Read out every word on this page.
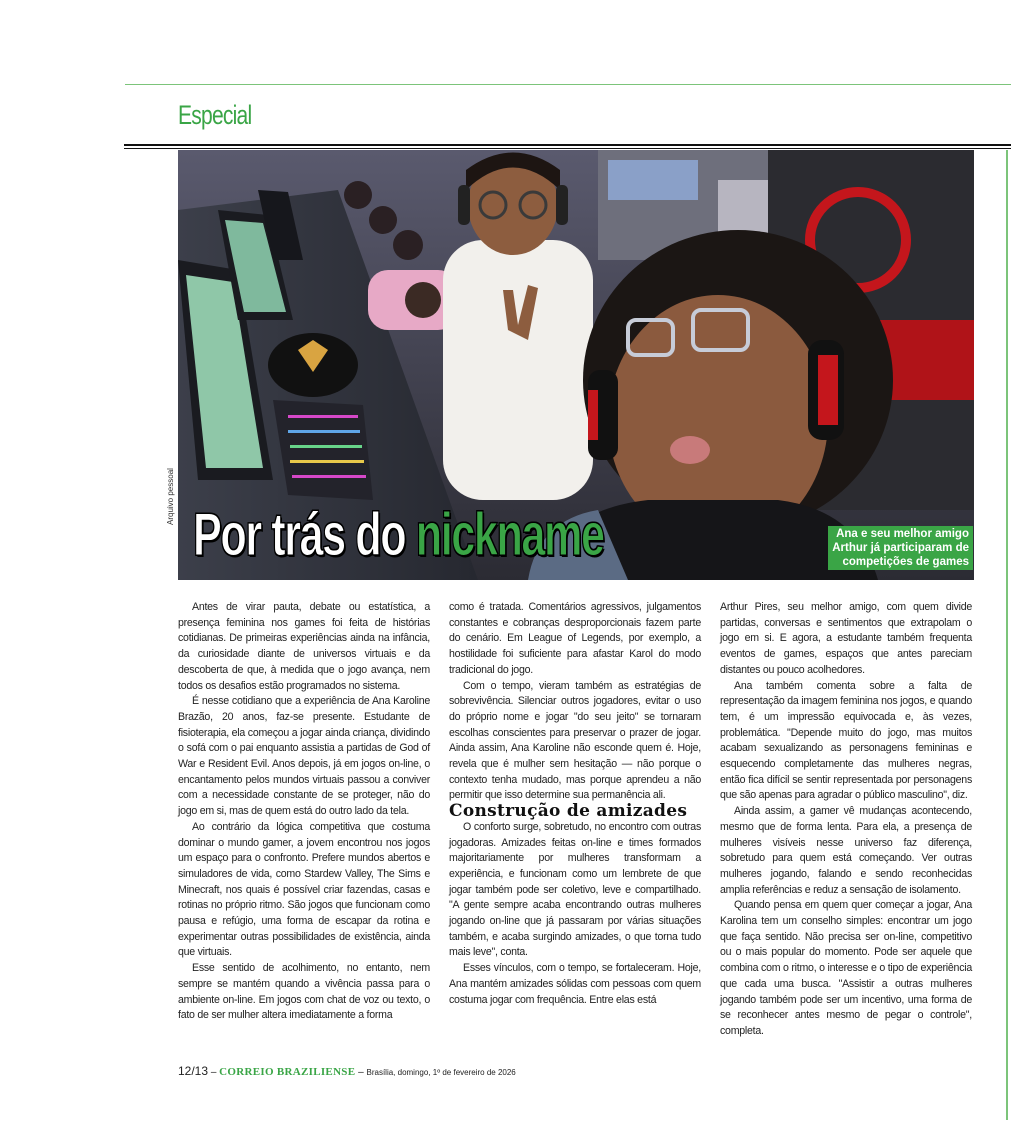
Especial
Por trás do nickname
Arquivo pessoal
Ana e seu melhor amigo
Arthur já participaram de
competições de games

Antes de virar pauta, debate ou estatística, a presença feminina nos games foi feita de histórias cotidianas. De primeiras experiências ainda na infância, da curiosidade diante de universos virtuais e da descoberta de que, à medida que o jogo avança, nem todos os desafios estão programados no sistema.

É nesse cotidiano que a experiência de Ana Karoline Brazão, 20 anos, faz-se presente. Estudante de fisioterapia, ela começou a jogar ainda criança, dividindo o sofá com o pai enquanto assistia a partidas de God of War e Resident Evil. Anos depois, já em jogos on-line, o encantamento pelos mundos virtuais passou a conviver com a necessidade constante de se proteger, não do jogo em si, mas de quem está do outro lado da tela.

Ao contrário da lógica competitiva que costuma dominar o mundo gamer, a jovem encontrou nos jogos um espaço para o confronto. Prefere mundos abertos e simuladores de vida, como Stardew Valley, The Sims e Minecraft, nos quais é possível criar fazendas, casas e rotinas no próprio ritmo. São jogos que funcionam como pausa e refúgio, uma forma de escapar da rotina e experimentar outras possibilidades de existência, ainda que virtuais.

Esse sentido de acolhimento, no entanto, nem sempre se mantém quando a vivência passa para o ambiente on-line. Em jogos com chat de voz ou texto, o fato de ser mulher altera imediatamente a forma

como é tratada. Comentários agressivos, julgamentos constantes e cobranças desproporcionais fazem parte do cenário. Em League of Legends, por exemplo, a hostilidade foi suficiente para afastar Karol do modo tradicional do jogo.

Com o tempo, vieram também as estratégias de sobrevivência. Silenciar outros jogadores, evitar o uso do próprio nome e jogar "do seu jeito" se tornaram escolhas conscientes para preservar o prazer de jogar. Ainda assim, Ana Karoline não esconde quem é. Hoje, revela que é mulher sem hesitação — não porque o contexto tenha mudado, mas porque aprendeu a não permitir que isso determine sua permanência ali.

Construção de amizades

O conforto surge, sobretudo, no encontro com outras jogadoras. Amizades feitas on-line e times formados majoritariamente por mulheres transformam a experiência, e funcionam como um lembrete de que jogar também pode ser coletivo, leve e compartilhado. "A gente sempre acaba encontrando outras mulheres jogando on-line que já passaram por várias situações também, e acaba surgindo amizades, o que torna tudo mais leve", conta.

Esses vínculos, com o tempo, se fortaleceram. Hoje, Ana mantém amizades sólidas com pessoas com quem costuma jogar com frequência. Entre elas está

Arthur Pires, seu melhor amigo, com quem divide partidas, conversas e sentimentos que extrapolam o jogo em si. E agora, a estudante também frequenta eventos de games, espaços que antes pareciam distantes ou pouco acolhedores.

Ana também comenta sobre a falta de representação da imagem feminina nos jogos, e quando tem, é um impressão equivocada e, às vezes, problemática. "Depende muito do jogo, mas muitos acabam sexualizando as personagens femininas e esquecendo completamente das mulheres negras, então fica difícil se sentir representada por personagens que são apenas para agradar o público masculino", diz.

Ainda assim, a gamer vê mudanças acontecendo, mesmo que de forma lenta. Para ela, a presença de mulheres visíveis nesse universo faz diferença, sobretudo para quem está começando. Ver outras mulheres jogando, falando e sendo reconhecidas amplia referências e reduz a sensação de isolamento.

Quando pensa em quem quer começar a jogar, Ana Karolina tem um conselho simples: encontrar um jogo que faça sentido. Não precisa ser on-line, competitivo ou o mais popular do momento. Pode ser aquele que combina com o ritmo, o interesse e o tipo de experiência que cada uma busca. "Assistir a outras mulheres jogando também pode ser um incentivo, uma forma de se reconhecer antes mesmo de pegar o controle", completa.

12/13 – CORREIO BRAZILIENSE – Brasília, domingo, 1º de fevereiro de 2026
